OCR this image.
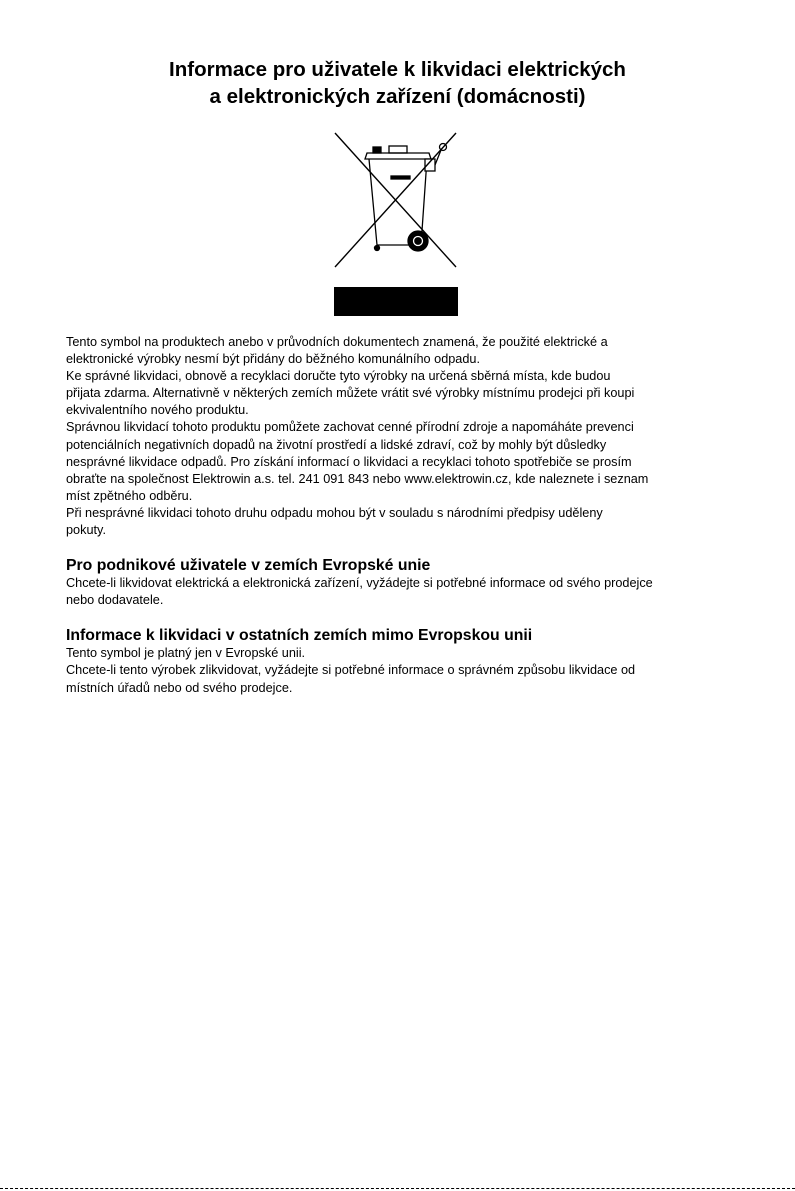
Informace pro uživatele k likvidaci elektrických
a elektronických zařízení (domácnosti)

Tento symbol na produktech anebo v průvodních dokumentech znamená, že použité elektrické a

elektronické výrobky nesmí být přidány do běžného komunálního odpadu.

Ke správné likvidaci, obnově a recyklaci doručte tyto výrobky na určená sběrná místa, kde budou

přijata zdarma. Alternativně v některých zemích můžete vrátit své výrobky místnímu prodejci při koupi

ekvivalentního nového produktu.

Správnou likvidací tohoto produktu pomůžete zachovat cenné přírodní zdroje a napomáháte prevenci

potenciálních negativních dopadů na životní prostředí a lidské zdraví, což by mohly být důsledky

nesprávné likvidace odpadů. Pro získání informací o likvidaci a recyklaci tohoto spotřebiče se prosím

obraťte na společnost Elektrowin a.s. tel. 241 091 843 nebo www.elektrowin.cz, kde naleznete i seznam

míst zpětného odběru.

Při nesprávné likvidaci tohoto druhu odpadu mohou být v souladu s národními předpisy uděleny

pokuty.

Pro podnikové uživatele v zemích Evropské unie

Chcete-li likvidovat elektrická a elektronická zařízení, vyžádejte si potřebné informace od svého prodejce

nebo dodavatele.

Informace k likvidaci v ostatních zemích mimo Evropskou unii

Tento symbol je platný jen v Evropské unii.

Chcete-li tento výrobek zlikvidovat, vyžádejte si potřebné informace o správném způsobu likvidace od

místních úřadů nebo od svého prodejce.
